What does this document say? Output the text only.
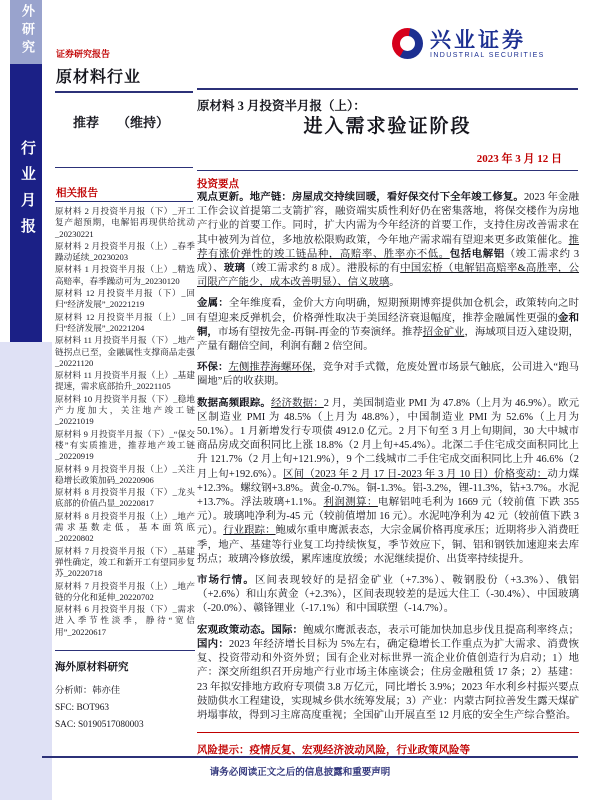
外研究
行业月报
证券研究报告
原材料行业
推荐 （维持）
兴业证券
INDUSTRIAL SECURITIES
原材料 3 月投资半月报（上）：
进入需求验证阶段
2023 年 3 月 12 日
相关报告
原材料 2 月投资半月报（下）_开工复产超预期，电解铝再现供给扰动_20230221
原材料 2 月投资半月报（上）_春季躁动延续_20230203
原材料 1 月投资半月报（上）_精选高赔率，春季躁动可为_20230120
原材料 12 月投资半月报（下）_回归“经济发展”_20221219
原材料 12 月投资半月报（上）_回归“经济发展”_20221204
原材料 11 月投资半月报（下）_地产链拐点已至，金融属性支撑商品走强_20221120
原材料 11 月投资半月报（上）_基建提速，需求底部抬升_20221105
原材料 10 月投资半月报（下）_稳地产力度加大，关注地产竣工链_20221019
原材料 9 月投资半月报（下）_“保交楼”有实质推进，推荐地产竣工链_20220919
原材料 9 月投资半月报（上）_关注稳增长政策加码_20220906
原材料 8 月投资半月报（下）_龙头底部的价值凸显_20220817
原材料 8 月投资半月报（上）_地产需求基数走低，基本面筑底_20220802
原材料 7 月投资半月报（下）_基建弹性确定，竣工和新开工有望同步复苏_20220718
原材料 7 月投资半月报（上）_地产链的分化和延伸_20220702
原材料 6 月投资半月报（下）_需求进入季节性淡季，静待“宽信用”_20220617
海外原材料研究
分析师：韩亦佳
SFC: BOT963
SAC: S0190517080003
投资要点

观点更新。地产链：房屋成交持续回暖，看好保交付下全年竣工修复。2023 年金融工作会议首提第二支箭扩容，融资端实质性利好仍在密集落地，将保交楼作为房地产行业的首要工作。同时，扩大内需为今年经济的首要工作，支持住房改善需求在其中被列为首位，多地放松限购政策，今年地产需求端有望迎来更多政策催化。推荐有涨价弹性的竣工链品种，高赔率、胜率亦不低。包括电解铝（竣工需求约 3 成）、玻璃（竣工需求约 8 成）。港股标的有中国宏桥（电解铝高赔率&高胜率，公司限产产能少，成本改善明显）、信义玻璃。

金属：全年维度看，金价大方向明确，短期预期博弈提供加仓机会，政策转向之时有望迎来反弹机会，价格弹性取决于美国经济衰退幅度，推荐金融属性更强的金和铜，市场有望按先金-再铜-再金的节奏演绎。推荐招金矿业，海域项目迈入建设期，产量有翻倍空间，利润有翻 2 倍空间。

环保：左侧推荐海螺环保，竞争对手式微，危废处置市场景气触底，公司进入“跑马圈地”后的收获期。

数据高频跟踪。经济数据：2 月，美国制造业 PMI 为 47.8%（上月为 46.9%）。欧元区制造业 PMI 为 48.5%（上月为 48.8%），中国制造业 PMI 为 52.6%（上月为 50.1%）。1 月新增发行专项债 4912.0 亿元。2 月下旬至 3 月上旬期间，30 大中城市商品房成交面积同比上涨 18.8%（2 月上旬+45.4%）。北深二手住宅成交面积同比上升 121.7%（2 月上旬+121.9%），9 个二线城市二手住宅成交面积同比上升 46.6%（2 月上旬+192.6%）。区间（2023 年 2 月 17 日-2023 年 3 月 10 日）价格变动：动力煤+12.3%。螺纹钢+3.8%。黄金-0.7%。铜-1.3%。铝-3.2%，锂-11.3%，钴+3.7%。水泥+13.7%。浮法玻璃+1.1%。利润测算：电解铝吨毛利为 1669 元（较前值 下跌 355 元）。玻璃吨净利为-45 元（较前值增加 16 元）。水泥吨净利为 42 元（较前值下跌 3 元）。行业跟踪：鲍威尔重申鹰派表态，大宗金属价格再度承压；近期将步入消费旺季，地产、基建等行业复工均持续恢复，季节效应下，铜、铝和钢铁加速迎来去库拐点；玻璃冷修放缓，累库速度放缓；水泥继续提价、出货率持续提升。

市场行情。区间表现较好的是招金矿业（+7.3%）、鞍钢股份（+3.3%）、俄铝（+2.6%）和山东黄金（+2.3%），区间表现较差的是远大住工（-30.4%）、中国玻璃（-20.0%）、赣锋锂业（-17.1%）和中国联塑（-14.7%）。

宏观政策动态。国际：鲍威尔鹰派表态，表示可能加快加息步伐且提高利率终点；国内：2023 年经济增长目标为 5%左右，确定稳增长工作重点为扩大需求、消费恢复、投资带动和外资外贸；国有企业对标世界一流企业价值创造行为启动；1）地产：深交所组织召开房地产行业市场主体座谈会；住房金融租赁 17 条；2）基建：23 年拟安排地方政府专项债 3.8 万亿元，同比增长 3.9%；2023 年水利乡村振兴要点鼓励供水工程建设，实现城乡供水统筹发展；3）产业：内蒙古阿拉善发生露天煤矿坍塌事故，得到习主席高度重视；全国矿山开展直至 12 月底的安全生产综合整治。

风险提示：疫情反复、宏观经济波动风险，行业政策风险等
请务必阅读正文之后的信息披露和重要声明
